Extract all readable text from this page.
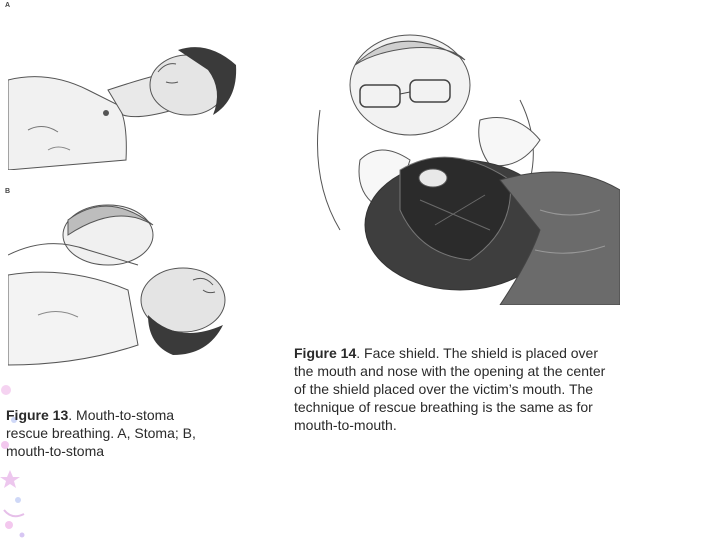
A
B
Figure 13. Mouth-to-stoma
rescue breathing. A, Stoma; B,
mouth-to-stoma
Figure 14. Face shield. The shield is placed over
the mouth and nose with the opening at the center
of the shield placed over the victim’s mouth. The
technique of rescue breathing is the same as for
mouth-to-mouth.
